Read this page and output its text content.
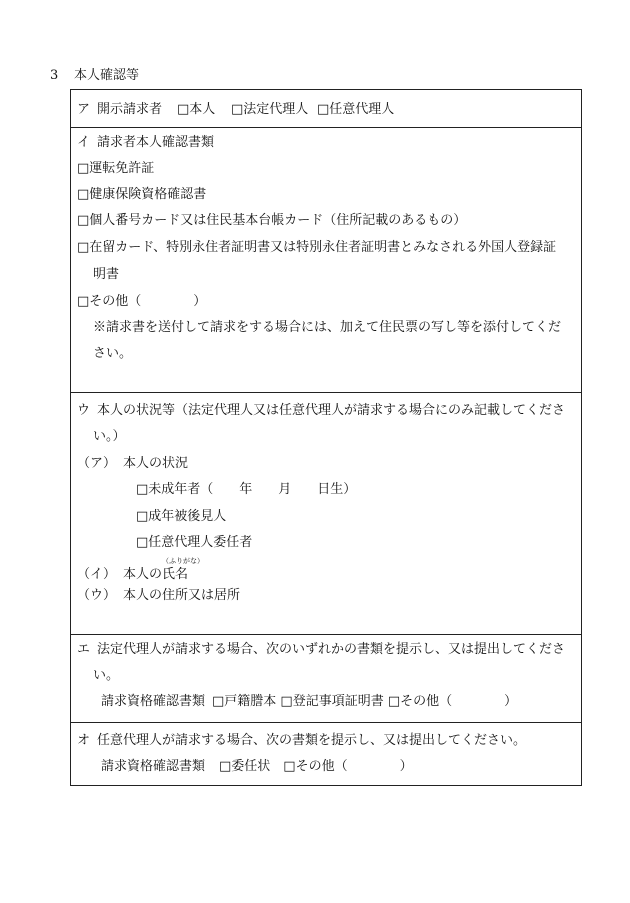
3 本人確認等
ア 開示請求者 □本人 □法定代理人 □任意代理人
イ 請求者本人確認書類
□運転免許証
□健康保険資格確認書
□個人番号カード又は住民基本台帳カード（住所記載のあるもの）
□在留カード、特別永住者証明書又は特別永住者証明書とみなされる外国人登録証
明書
□その他（　　　　）
※請求書を送付して請求をする場合には、加えて住民票の写し等を添付してくだ
さい。
ウ 本人の状況等（法定代理人又は任意代理人が請求する場合にのみ記載してくださ
い。）
（ア） 本人の状況
□未成年者（　　年　　月　　日生）
□成年被後見人
□任意代理人委任者
（ふりがな）
（イ） 本人の氏名
（ウ） 本人の住所又は居所
エ 法定代理人が請求する場合、次のいずれかの書類を提示し、又は提出してくださ
い。
請求資格確認書類 □戸籍謄本 □登記事項証明書 □その他（　　　　）
オ 任意代理人が請求する場合、次の書類を提示し、又は提出してください。
請求資格確認書類 □委任状　□その他（　　　　）
